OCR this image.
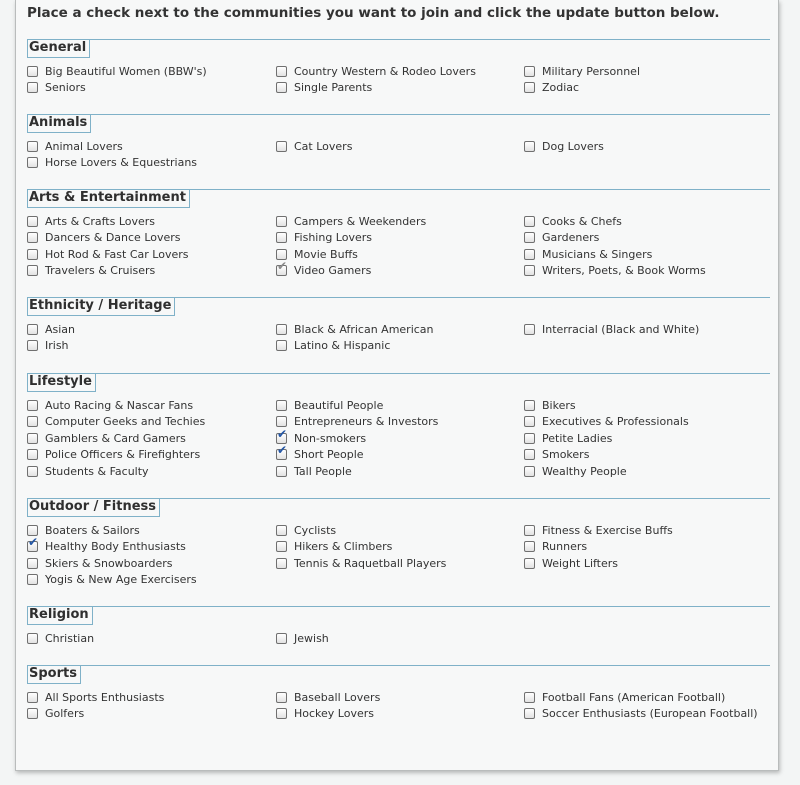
Place a check next to the communities you want to join and click the update button below.
General
Big Beautiful Women (BBW's)	Country Western & Rodeo Lovers	Military Personnel
Seniors	Single Parents	Zodiac
Animals
Animal Lovers	Cat Lovers	Dog Lovers
Horse Lovers & Equestrians
Arts & Entertainment
Arts & Crafts Lovers	Campers & Weekenders	Cooks & Chefs
Dancers & Dance Lovers	Fishing Lovers	Gardeners
Hot Rod & Fast Car Lovers	Movie Buffs	Musicians & Singers
Travelers & Cruisers	✔ Video Gamers	Writers, Poets, & Book Worms
Ethnicity / Heritage
Asian	Black & African American	Interracial (Black and White)
Irish	Latino & Hispanic
Lifestyle
Auto Racing & Nascar Fans	Beautiful People	Bikers
Computer Geeks and Techies	Entrepreneurs & Investors	Executives & Professionals
Gamblers & Card Gamers	✔ Non-smokers	Petite Ladies
Police Officers & Firefighters	✔ Short People	Smokers
Students & Faculty	Tall People	Wealthy People
Outdoor / Fitness
Boaters & Sailors	Cyclists	Fitness & Exercise Buffs
✔ Healthy Body Enthusiasts	Hikers & Climbers	Runners
Skiers & Snowboarders	Tennis & Raquetball Players	Weight Lifters
Yogis & New Age Exercisers
Religion
Christian	Jewish
Sports
All Sports Enthusiasts	Baseball Lovers	Football Fans (American Football)
Golfers	Hockey Lovers	Soccer Enthusiasts (European Football)
